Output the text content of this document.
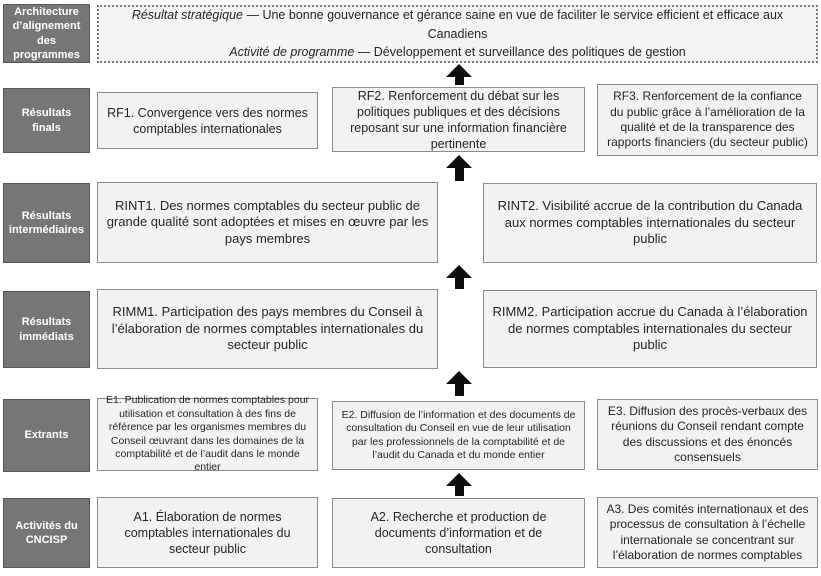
Architecture d’alignement des programmes
Résultat stratégique — Une bonne gouvernance et gérance saine en vue de faciliter le service efficient et efficace aux Canadiens
Activité de programme — Développement et surveillance des politiques de gestion
Résultats finals
RF1. Convergence vers des normes comptables internationales
RF2. Renforcement du débat sur les politiques publiques et des décisions reposant sur une information financière pertinente
RF3. Renforcement de la confiance du public grâce à l’amélioration de la qualité et de la transparence des rapports financiers (du secteur public)
Résultats intermédiaires
RINT1. Des normes comptables du secteur public de grande qualité sont adoptées et mises en œuvre par les pays membres
RINT2. Visibilité accrue de la contribution du Canada aux normes comptables internationales du secteur public
Résultats immédiats
RIMM1. Participation des pays membres du Conseil à l’élaboration de normes comptables internationales du secteur public
RIMM2. Participation accrue du Canada à l’élaboration de normes comptables internationales du secteur public
Extrants
E1. Publication de normes comptables pour utilisation et consultation à des fins de référence par les organismes membres du Conseil œuvrant dans les domaines de la comptabilité et de l’audit dans le monde entier
E2. Diffusion de l’information et des documents de consultation du Conseil en vue de leur utilisation par les professionnels de la comptabilité et de l’audit du Canada et du monde entier
E3. Diffusion des procès-verbaux des réunions du Conseil rendant compte des discussions et des énoncés consensuels
Activités du CNCISP
A1. Élaboration de normes comptables internationales du secteur public
A2. Recherche et production de documents d’information et de consultation
A3. Des comités internationaux et des processus de consultation à l’échelle internationale se concentrant sur l’élaboration de normes comptables
